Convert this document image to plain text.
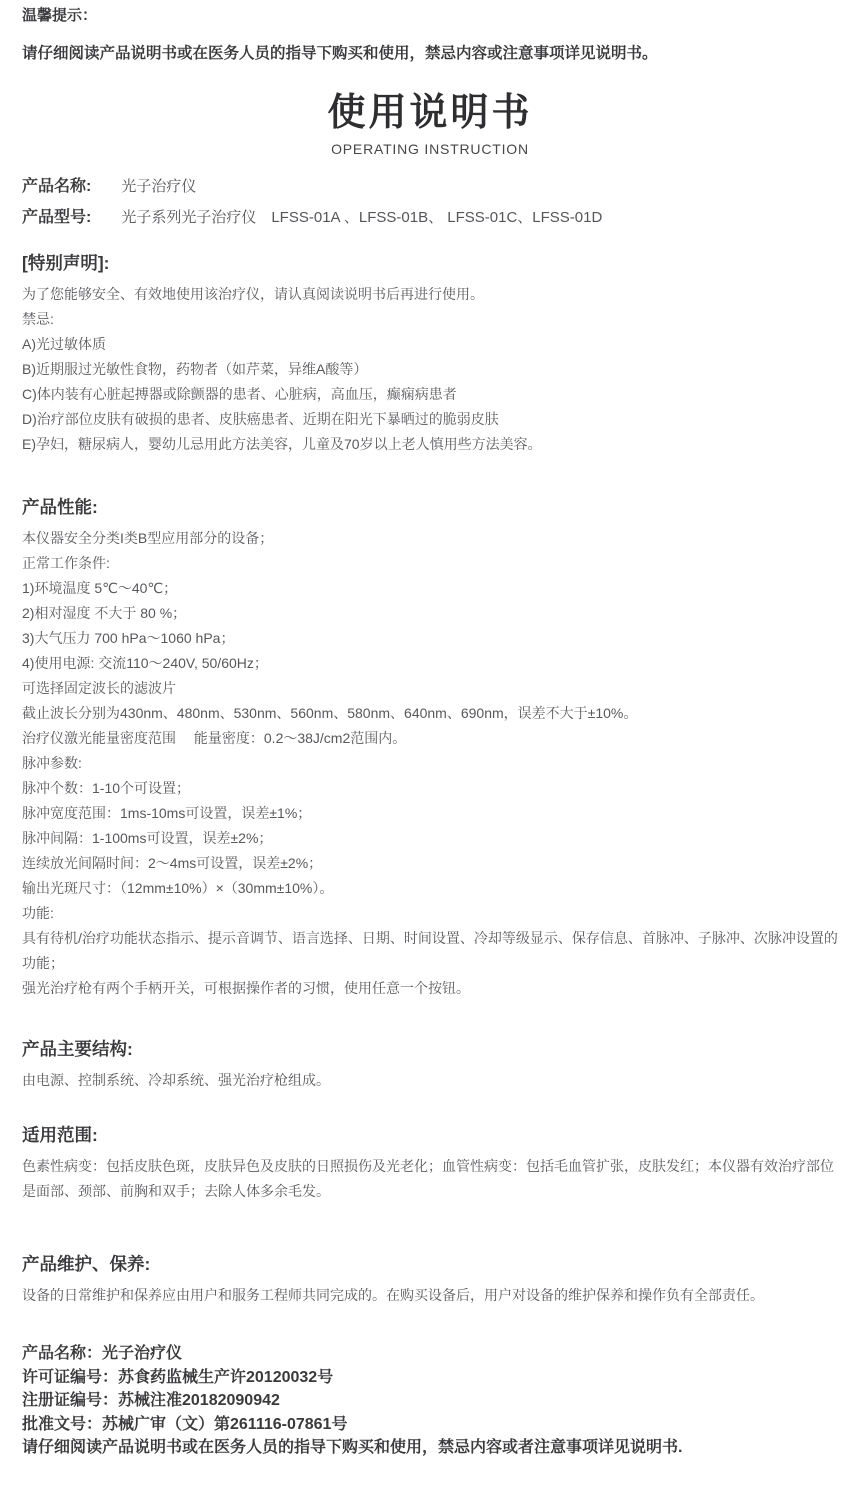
温馨提示：
请仔细阅读产品说明书或在医务人员的指导下购买和使用，禁忌内容或注意事项详见说明书。
使用说明书
OPERATING INSTRUCTION
产品名称: 光子治疗仪
产品型号: 光子系列光子治疗仪　LFSS-01A 、LFSS-01B、 LFSS-01C、LFSS-01D
[特别声明]:
为了您能够安全、有效地使用该治疗仪，请认真阅读说明书后再进行使用。
禁忌:
A)光过敏体质
B)近期服过光敏性食物，药物者（如芹菜，异维A酸等）
C)体内装有心脏起搏器或除颤器的患者、心脏病，高血压，癫痫病患者
D)治疗部位皮肤有破损的患者、皮肤癌患者、近期在阳光下暴晒过的脆弱皮肤
E)孕妇，糖尿病人，婴幼儿忌用此方法美容，儿童及70岁以上老人慎用些方法美容。
产品性能:
本仪器安全分类I类B型应用部分的设备；
正常工作条件:
1)环境温度 5℃～40℃；
2)相对湿度 不大于 80 %；
3)大气压力 700 hPa～1060 hPa；
4)使用电源: 交流110～240V, 50/60Hz；
可选择固定波长的滤波片
截止波长分别为430nm、480nm、530nm、560nm、580nm、640nm、690nm，误差不大于±10%。
治疗仪激光能量密度范围　 能量密度：0.2～38J/cm2范围内。
脉冲参数:
脉冲个数：1-10个可设置；
脉冲宽度范围：1ms-10ms可设置，误差±1%；
脉冲间隔：1-100ms可设置，误差±2%；
连续放光间隔时间：2～4ms可设置，误差±2%；
输出光斑尺寸：（12mm±10%）×（30mm±10%）。
功能:
具有待机/治疗功能状态指示、提示音调节、语言选择、日期、时间设置、冷却等级显示、保存信息、首脉冲、子脉冲、次脉冲设置的功能；
强光治疗枪有两个手柄开关，可根据操作者的习惯，使用任意一个按钮。
产品主要结构:
由电源、控制系统、冷却系统、强光治疗枪组成。
适用范围:
色素性病变：包括皮肤色斑，皮肤异色及皮肤的日照损伤及光老化；血管性病变：包括毛血管扩张，皮肤发红；本仪器有效治疗部位是面部、颈部、前胸和双手；去除人体多余毛发。
产品维护、保养:
设备的日常维护和保养应由用户和服务工程师共同完成的。在购买设备后，用户对设备的维护保养和操作负有全部责任。
产品名称：光子治疗仪
许可证编号：苏食药监械生产许20120032号
注册证编号：苏械注准20182090942
批准文号：苏械广审（文）第261116-07861号
请仔细阅读产品说明书或在医务人员的指导下购买和使用，禁忌内容或者注意事项详见说明书.
